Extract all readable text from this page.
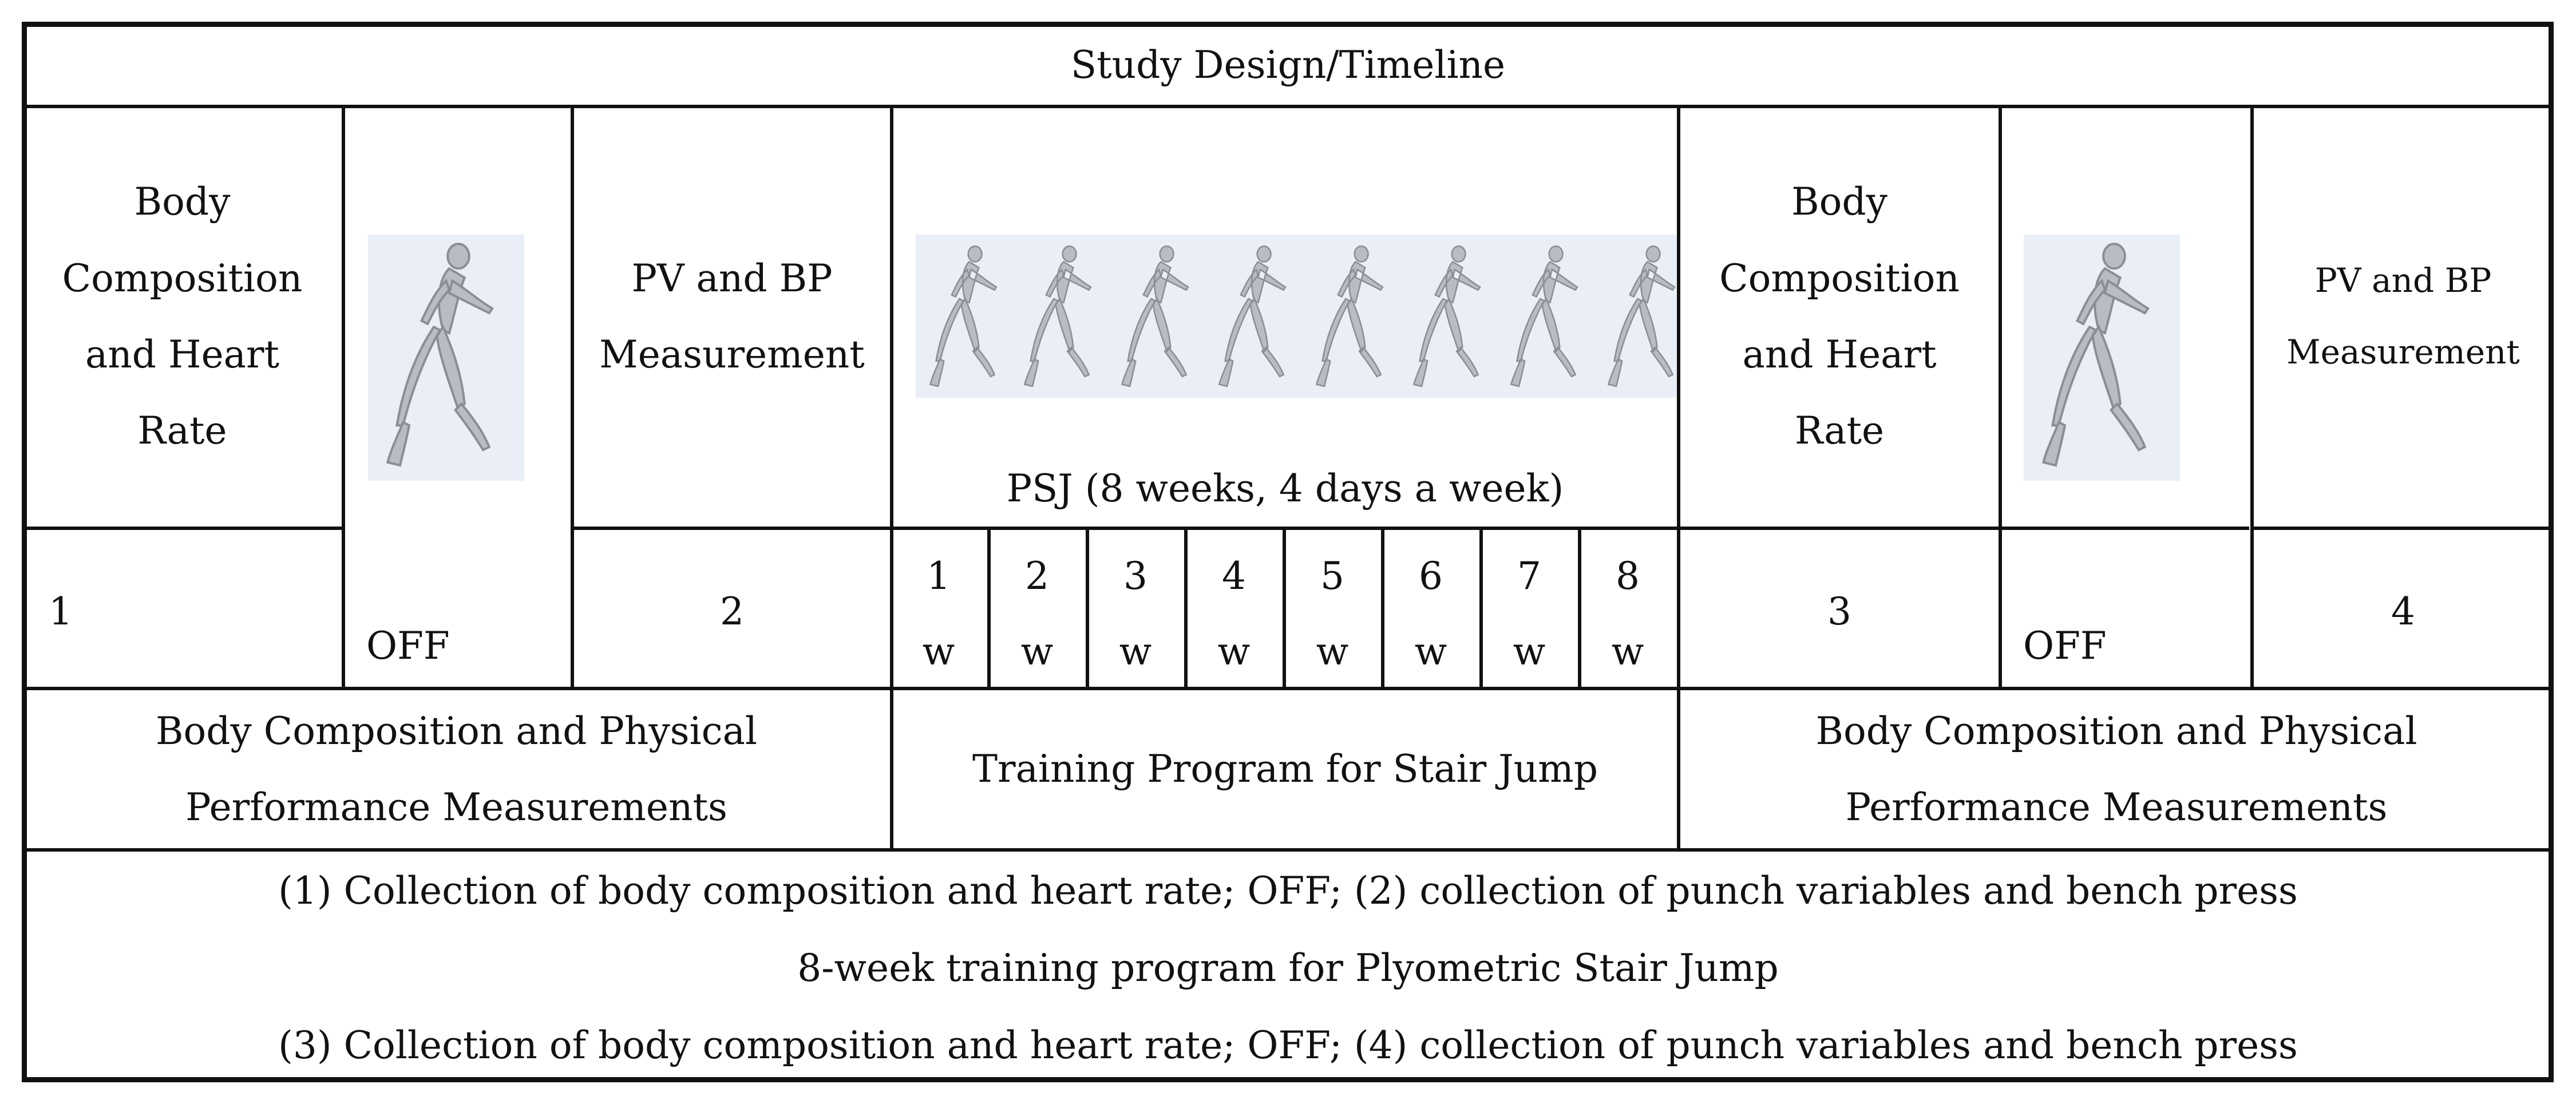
Study Design/Timeline
Body
Composition
and Heart
Rate
PV and BP
Measurement
Body
Composition
and Heart
Rate
PV and BP
Measurement
PSJ (8 weeks, 4 days a week)
1
OFF
2	3
OFF
4
1
w
2
w
3
w
4
w
5
w
6
w
7
w
8
w
Body Composition and Physical
Performance Measurements
Training Program for Stair Jump
Body Composition and Physical
Performance Measurements
(1) Collection of body composition and heart rate; OFF; (2) collection of punch variables and bench press
8-week training program for Plyometric Stair Jump
(3) Collection of body composition and heart rate; OFF; (4) collection of punch variables and bench press
